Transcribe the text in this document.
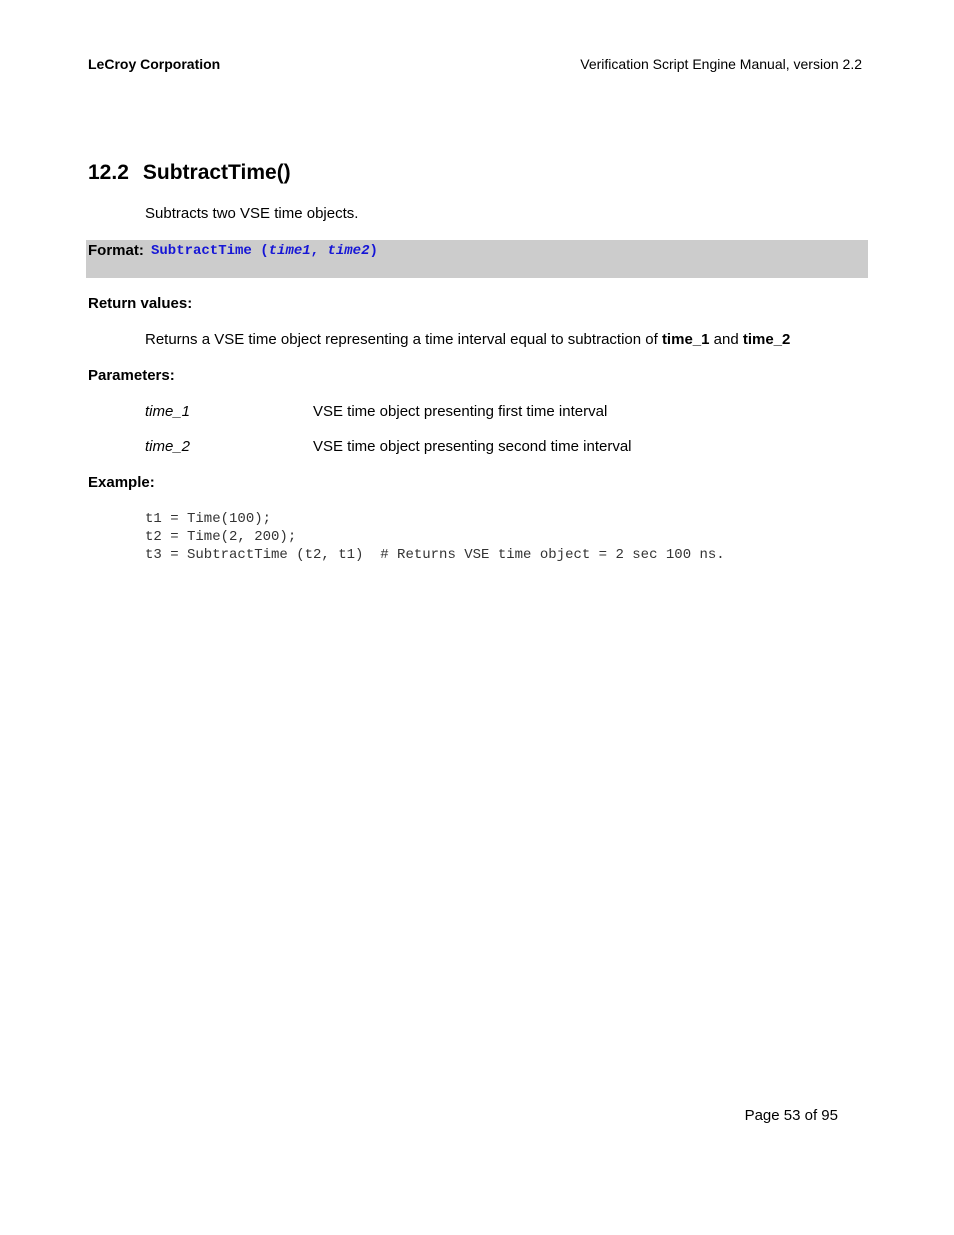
LeCroy Corporation	Verification Script Engine Manual, version 2.2
12.2 SubtractTime()
Subtracts two VSE time objects.
Format: SubtractTime (time1, time2)
Return values:
Returns a VSE time object representing a time interval equal to subtraction of time_1 and time_2
Parameters:
time_1	VSE time object presenting first time interval
time_2	VSE time object presenting second time interval
Example:
t1 = Time(100);
t2 = Time(2, 200);
t3 = SubtractTime (t2, t1)  # Returns VSE time object = 2 sec 100 ns.
Page 53 of 95
